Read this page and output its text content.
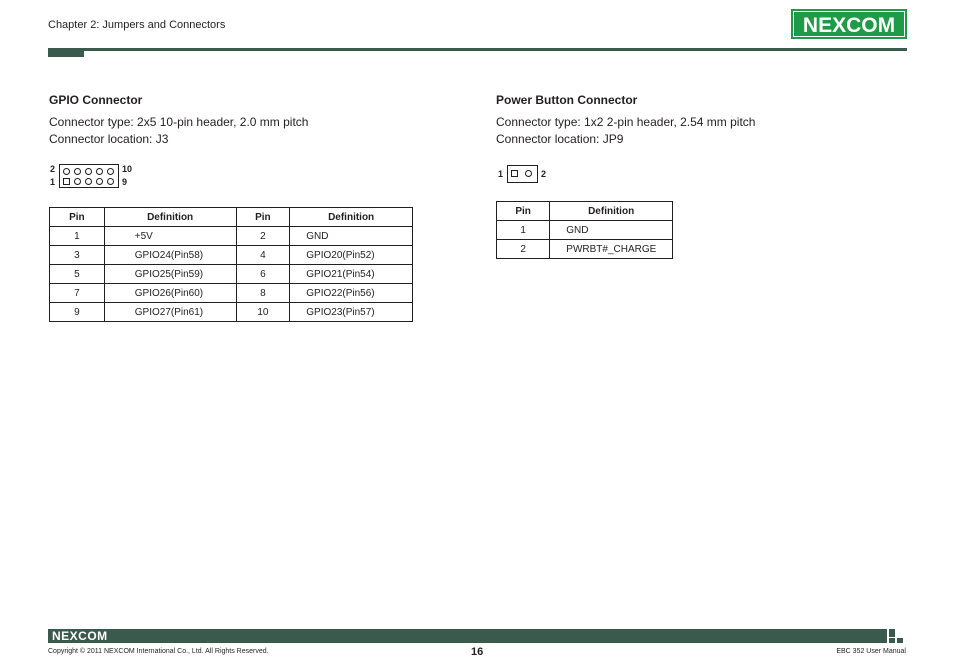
Chapter 2: Jumpers and Connectors	NEXCOM
GPIO Connector
Connector type: 2x5 10-pin header, 2.0 mm pitch
Connector location: J3
2
1
10
9
Pin	Definition	Pin	Definition
1	+5V	2	GND
3	GPIO24(Pin58)	4	GPIO20(Pin52)
5	GPIO25(Pin59)	6	GPIO21(Pin54)
7	GPIO26(Pin60)	8	GPIO22(Pin56)
9	GPIO27(Pin61)	10	GPIO23(Pin57)
Power Button Connector
Connector type: 1x2 2-pin header, 2.54 mm pitch
Connector location: JP9
1	2
Pin	Definition
1	GND
2	PWRBT#_CHARGE
NEXCOM
Copyright © 2011 NEXCOM International Co., Ltd. All Rights Reserved.	16	EBC 352 User Manual
